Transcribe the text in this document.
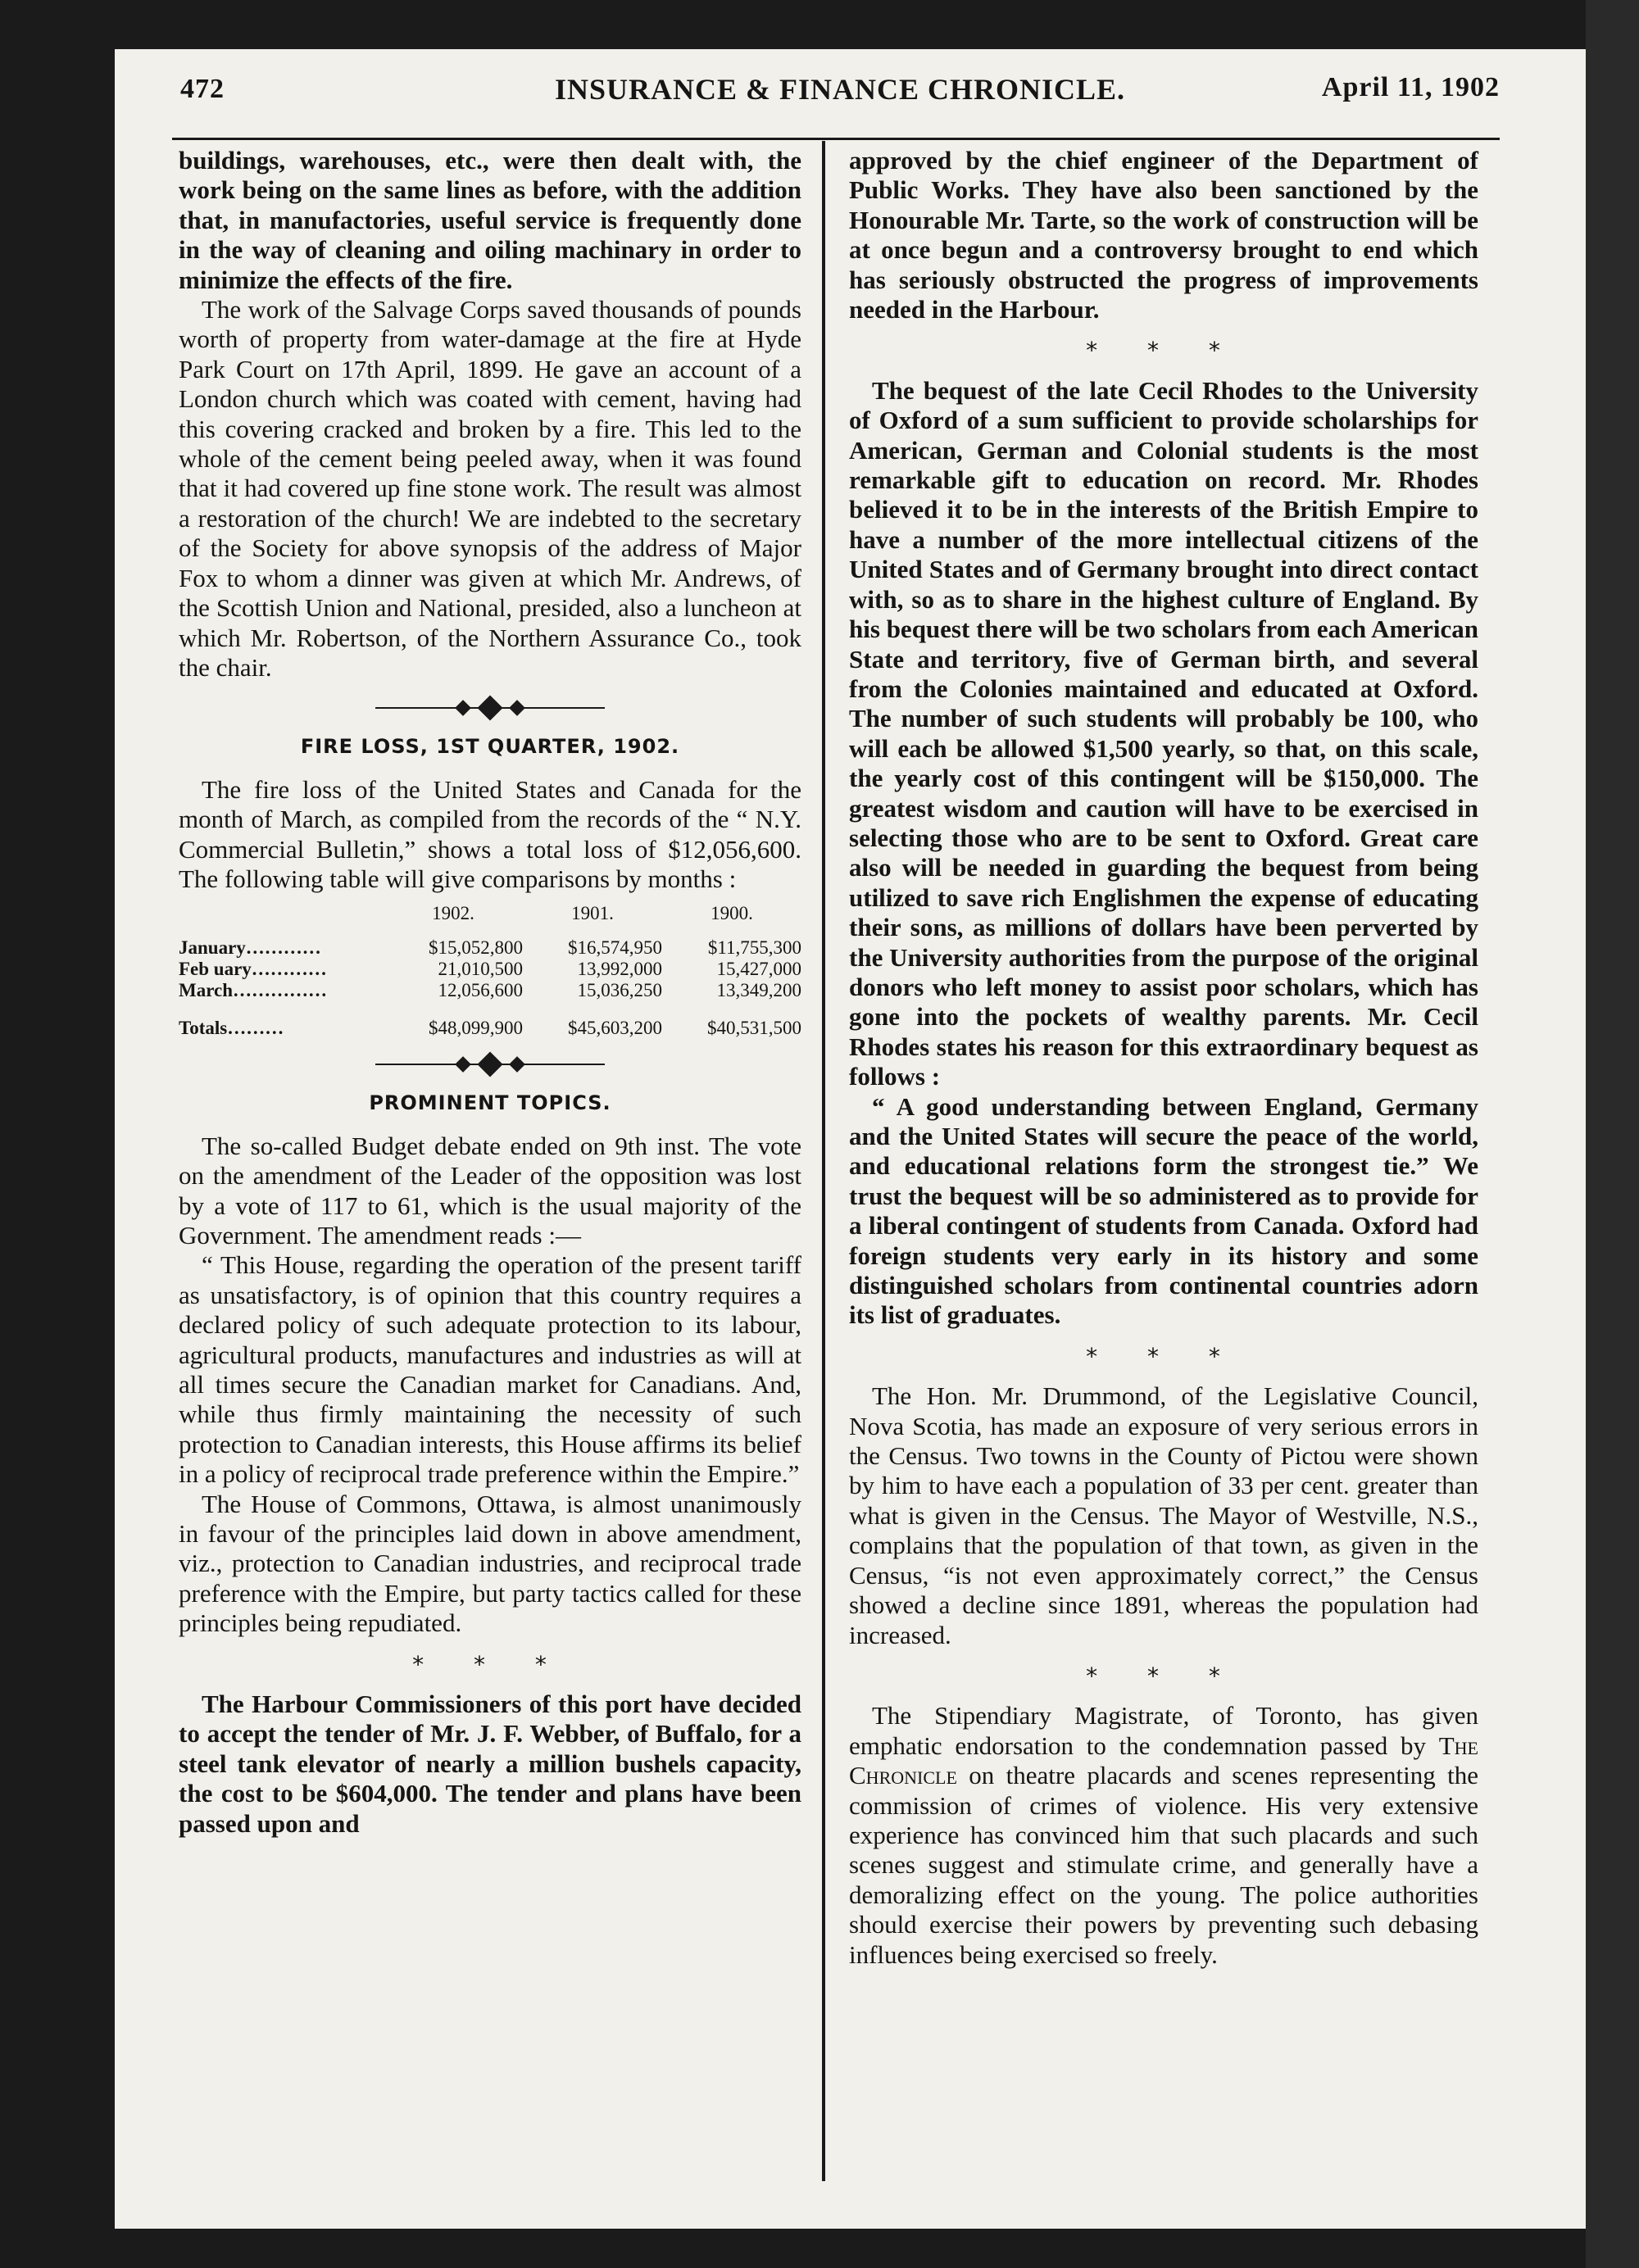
472	INSURANCE & FINANCE CHRONICLE.	April 11, 1902

buildings, warehouses, etc., were then dealt with, the work being on the same lines as before, with the addition that, in manufactories, useful service is frequently done in the way of cleaning and oiling machinary in order to minimize the effects of the fire.

The work of the Salvage Corps saved thousands of pounds worth of property from water-damage at the fire at Hyde Park Court on 17th April, 1899. He gave an account of a London church which was coated with cement, having had this covering cracked and broken by a fire. This led to the whole of the cement being peeled away, when it was found that it had covered up fine stone work. The result was almost a restoration of the church! We are indebted to the secretary of the Society for above synopsis of the address of Major Fox to whom a dinner was given at which Mr. Andrews, of the Scottish Union and National, presided, also a luncheon at which Mr. Robertson, of the Northern Assurance Co., took the chair.

FIRE LOSS, 1ST QUARTER, 1902.

The fire loss of the United States and Canada for the month of March, as compiled from the records of the “ N.Y. Commercial Bulletin,” shows a total loss of $12,056,600. The following table will give comparisons by months :

	1902.	1901.	1900.
January…………	$15,052,800	$16,574,950	$11,755,300
Feb uary…………	21,010,500	13,992,000	15,427,000
March……………	12,056,600	15,036,250	13,349,200
Totals………	$48,099,900	$45,603,200	$40,531,500
PROMINENT TOPICS.

The so-called Budget debate ended on 9th inst. The vote on the amendment of the Leader of the opposition was lost by a vote of 117 to 61, which is the usual majority of the Government. The amendment reads :—

“ This House, regarding the operation of the present tariff as unsatisfactory, is of opinion that this country requires a declared policy of such adequate protection to its labour, agricultural products, manufactures and industries as will at all times secure the Canadian market for Canadians. And, while thus firmly maintaining the necessity of such protection to Canadian interests, this House affirms its belief in a policy of reciprocal trade preference within the Empire.”

The House of Commons, Ottawa, is almost unanimously in favour of the principles laid down in above amendment, viz., protection to Canadian industries, and reciprocal trade preference with the Empire, but party tactics called for these principles being repudiated.

* * *

The Harbour Commissioners of this port have decided to accept the tender of Mr. J. F. Webber, of Buffalo, for a steel tank elevator of nearly a million bushels capacity, the cost to be $604,000. The tender and plans have been passed upon and

approved by the chief engineer of the Department of Public Works. They have also been sanctioned by the Honourable Mr. Tarte, so the work of construction will be at once begun and a controversy brought to end which has seriously obstructed the progress of improvements needed in the Harbour.

* * *

The bequest of the late Cecil Rhodes to the University of Oxford of a sum sufficient to provide scholarships for American, German and Colonial students is the most remarkable gift to education on record. Mr. Rhodes believed it to be in the interests of the British Empire to have a number of the more intellectual citizens of the United States and of Germany brought into direct contact with, so as to share in the highest culture of England. By his bequest there will be two scholars from each American State and territory, five of German birth, and several from the Colonies maintained and educated at Oxford. The number of such students will probably be 100, who will each be allowed $1,500 yearly, so that, on this scale, the yearly cost of this contingent will be $150,000. The greatest wisdom and caution will have to be exercised in selecting those who are to be sent to Oxford. Great care also will be needed in guarding the bequest from being utilized to save rich Englishmen the expense of educating their sons, as millions of dollars have been perverted by the University authorities from the purpose of the original donors who left money to assist poor scholars, which has gone into the pockets of wealthy parents. Mr. Cecil Rhodes states his reason for this extraordinary bequest as follows :

“ A good understanding between England, Germany and the United States will secure the peace of the world, and educational relations form the strongest tie.” We trust the bequest will be so administered as to provide for a liberal contingent of students from Canada. Oxford had foreign students very early in its history and some distinguished scholars from continental countries adorn its list of graduates.

* * *

The Hon. Mr. Drummond, of the Legislative Council, Nova Scotia, has made an exposure of very serious errors in the Census. Two towns in the County of Pictou were shown by him to have each a population of 33 per cent. greater than what is given in the Census. The Mayor of Westville, N.S., complains that the population of that town, as given in the Census, “is not even approximately correct,” the Census showed a decline since 1891, whereas the population had increased.

* * *

The Stipendiary Magistrate, of Toronto, has given emphatic endorsation to the condemnation passed by The Chronicle on theatre placards and scenes representing the commission of crimes of violence. His very extensive experience has convinced him that such placards and such scenes suggest and stimulate crime, and generally have a demoralizing effect on the young. The police authorities should exercise their powers by preventing such debasing influences being exercised so freely.
